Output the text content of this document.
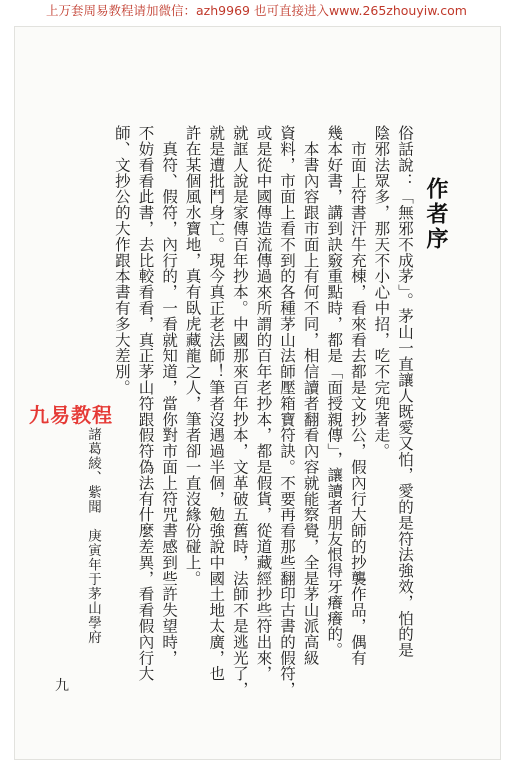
上万套周易教程请加微信：azh9969 也可直接进入www.265zhouyiw.com
作者序
俗話說：「無邪不成茅」。茅山一直讓人既愛又怕，愛的是符法強效，怕的是
陰邪法眾多，那天不小心中招，吃不完兜著走。
　市面上符書汗牛充棟，看來看去都是文抄公，假內行大師的抄襲作品，偶有
幾本好書，講到訣竅重點時，都是「面授親傳」，讓讀者朋友恨得牙癢癢的。
　本書內容跟市面上有何不同，相信讀者翻看內容就能察覺，全是茅山派高級
資料，市面上看不到的各種茅山法師壓箱寶符訣。不要再看那些翻印古書的假符，
或是從中國傳造流傳過來所謂的百年老抄本，都是假貨，從道藏經抄些符出來，
就誆人說是家傳百年抄本。中國那來百年抄本，文革破五舊時，法師不是逃光了，
就是遭批鬥身亡。現今真正老法師！筆者沒遇過半個，勉強說中國土地太廣，也
許在某個風水寶地，真有臥虎藏龍之人，筆者卻一直沒緣份碰上。
　真符、假符，內行的，一看就知道，當你對市面上符咒書感到些許失望時，
不妨看看此書，去比較看看，真正茅山符跟假符偽法有什麼差異，看看假內行大
師、文抄公的大作跟本書有多大差別。
諸葛綾、紫聞　庚寅年于茅山學府
九易教程
九
